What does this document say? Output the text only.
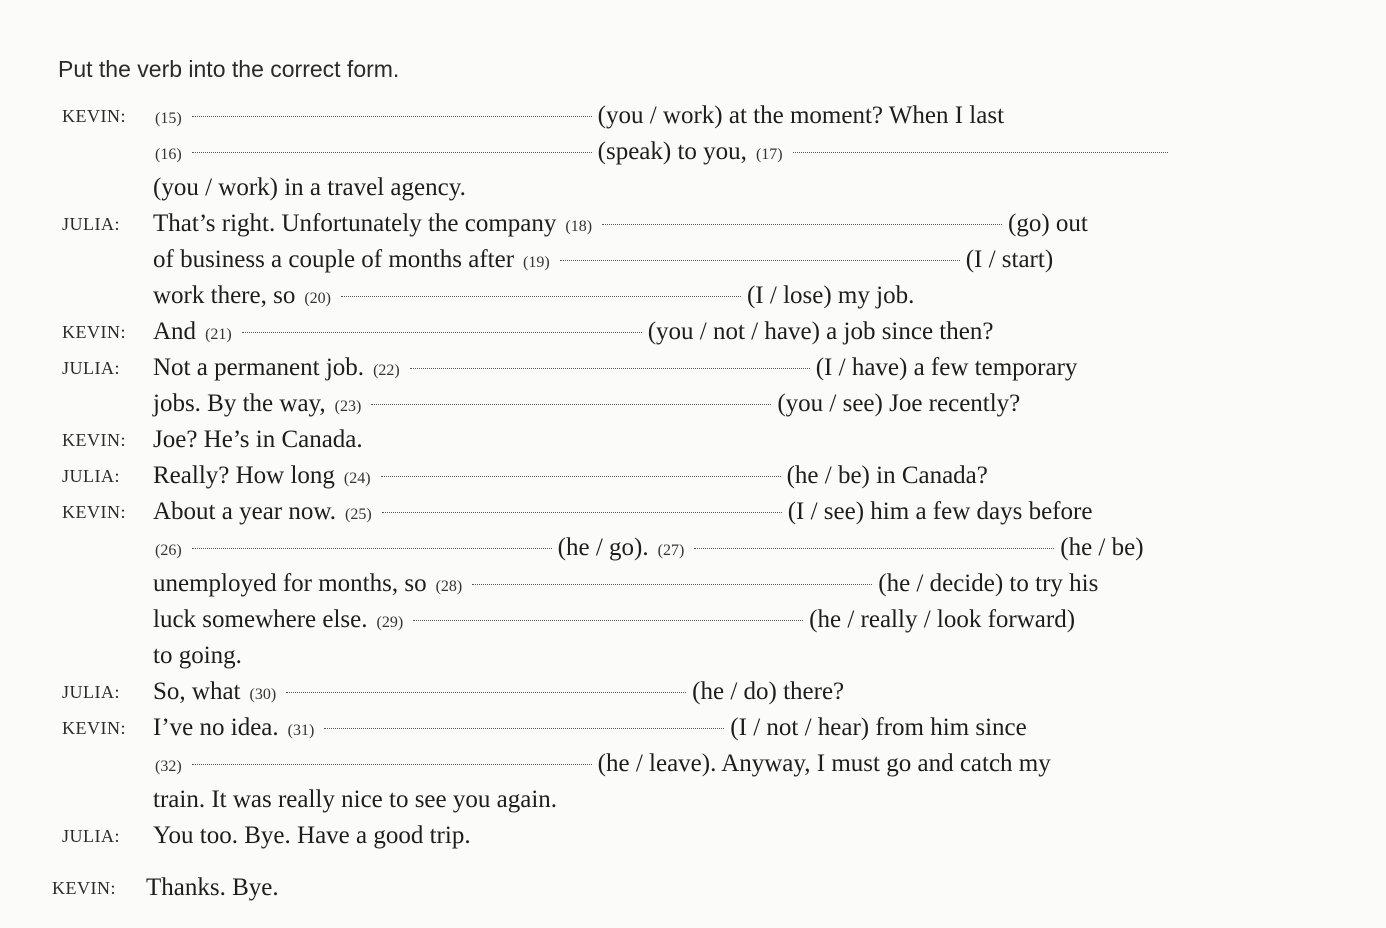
Put the verb into the correct form.
KEVIN: (15)	(you / work) at the moment? When I last
(16)	(speak) to you, (17)
(you / work) in a travel agency.
JULIA: That’s right. Unfortunately the company (18)	(go) out
of business a couple of months after (19)	(I / start)
work there, so (20)	(I / lose) my job.
KEVIN: And (21)	(you / not / have) a job since then?
JULIA: Not a permanent job. (22)	(I / have) a few temporary
jobs. By the way, (23)	(you / see) Joe recently?
KEVIN: Joe? He’s in Canada.
JULIA: Really? How long (24)	(he / be) in Canada?
KEVIN: About a year now. (25)	(I / see) him a few days before
(26)	(he / go). (27)	(he / be)
unemployed for months, so (28)	(he / decide) to try his
luck somewhere else. (29)	(he / really / look forward)
to going.
JULIA: So, what (30)	(he / do) there?
KEVIN: I’ve no idea. (31)	(I / not / hear) from him since
(32)	(he / leave). Anyway, I must go and catch my
train. It was really nice to see you again.
JULIA: You too. Bye. Have a good trip.
KEVIN: Thanks. Bye.
